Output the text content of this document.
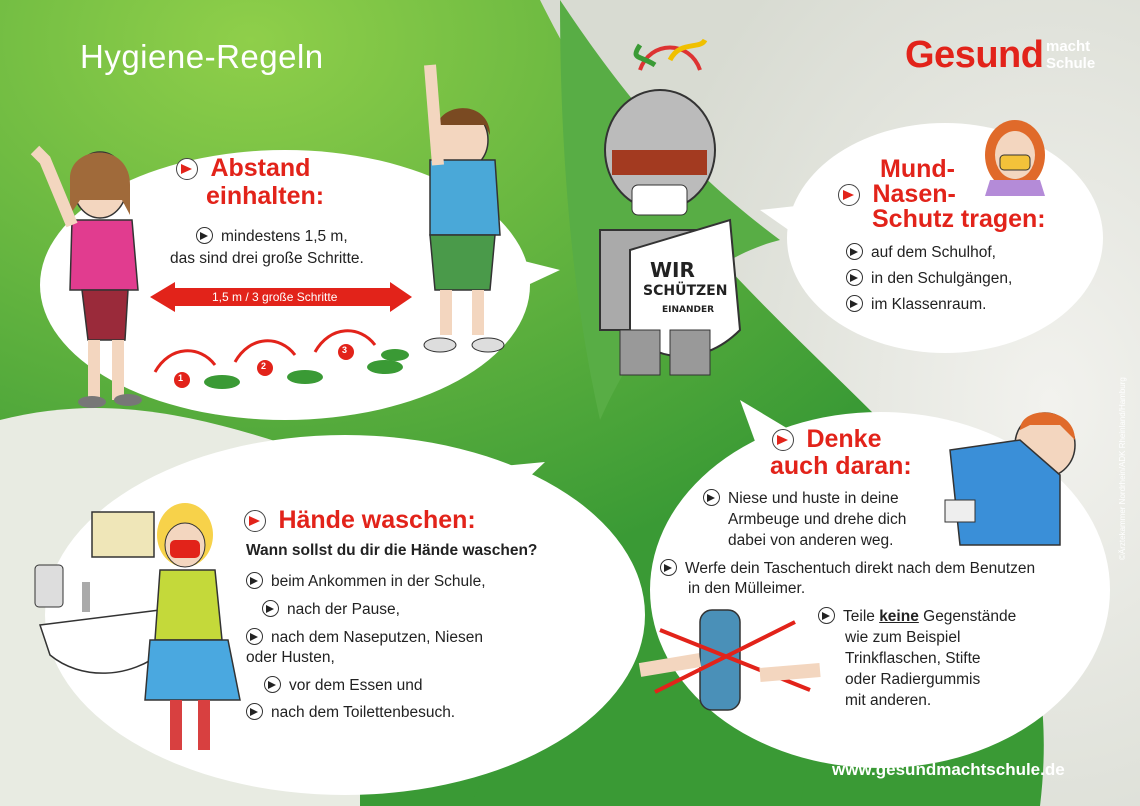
Hygiene-Regeln	Gesund macht
Schule
Abstand
einhalten:
mindestens 1,5 m,
das sind drei große Schritte.
1,5 m / 3 große Schritte
1
2
3
WIR
SCHÜTZEN
EINANDER
Mund-
Nasen-
Schutz tragen:
auf dem Schulhof,
in den Schulgängen,
im Klassenraum.
Hände waschen:
Wann sollst du dir die Hände waschen?
beim Ankommen in der Schule,
nach der Pause,
nach dem Naseputzen, Niesen
oder Husten,
vor dem Essen und
nach dem Toilettenbesuch.
Denke
auch daran:
Niese und huste in deine
Armbeuge und drehe dich
dabei von anderen weg.
Werfe dein Taschentuch direkt nach dem Benutzen
in den Mülleimer.
Teile keine Gegenstände
wie zum Beispiel
Trinkflaschen, Stifte
oder Radiergummis
mit anderen.
www.gesundmachtschule.de
©Ärztekammer Nordrhein/ADK Rheinland/Hamburg
